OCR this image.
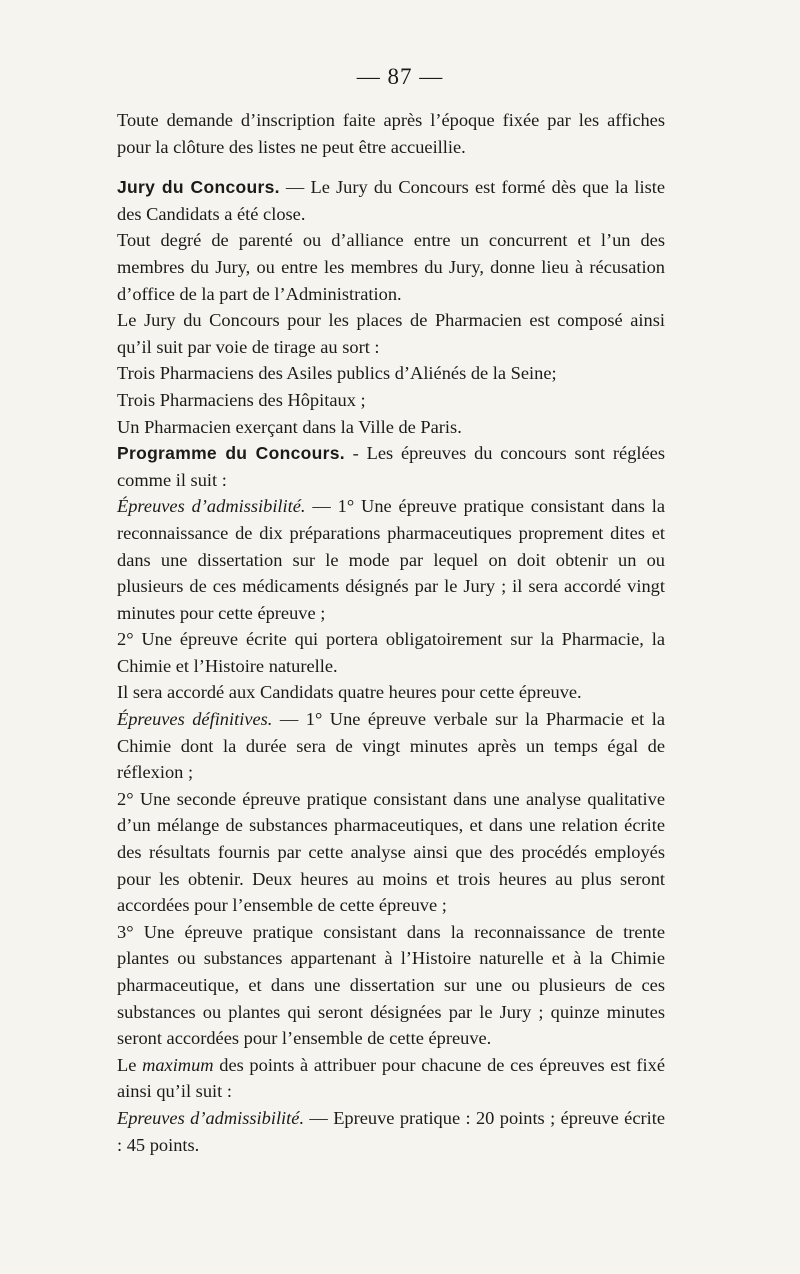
— 87 —

Toute demande d’inscription faite après l’époque fixée par les affiches pour la clôture des listes ne peut être accueillie.

Jury du Concours. — Le Jury du Concours est formé dès que la liste des Candidats a été close.

Tout degré de parenté ou d’alliance entre un concurrent et l’un des membres du Jury, ou entre les membres du Jury, donne lieu à récusation d’office de la part de l’Administration.

Le Jury du Concours pour les places de Pharmacien est composé ainsi qu’il suit par voie de tirage au sort :

Trois Pharmaciens des Asiles publics d’Aliénés de la Seine;

Trois Pharmaciens des Hôpitaux ;

Un Pharmacien exerçant dans la Ville de Paris.

Programme du Concours. - Les épreuves du concours sont réglées comme il suit :

Épreuves d’admissibilité. — 1° Une épreuve pratique consistant dans la reconnaissance de dix préparations pharmaceutiques proprement dites et dans une dissertation sur le mode par lequel on doit obtenir un ou plusieurs de ces médicaments désignés par le Jury ; il sera accordé vingt minutes pour cette épreuve ;

2° Une épreuve écrite qui portera obligatoirement sur la Pharmacie, la Chimie et l’Histoire naturelle.

Il sera accordé aux Candidats quatre heures pour cette épreuve.

Épreuves définitives. — 1° Une épreuve verbale sur la Pharmacie et la Chimie dont la durée sera de vingt minutes après un temps égal de réflexion ;

2° Une seconde épreuve pratique consistant dans une analyse qualitative d’un mélange de substances pharmaceutiques, et dans une relation écrite des résultats fournis par cette analyse ainsi que des procédés employés pour les obtenir. Deux heures au moins et trois heures au plus seront accordées pour l’ensemble de cette épreuve ;

3° Une épreuve pratique consistant dans la reconnaissance de trente plantes ou substances appartenant à l’Histoire naturelle et à la Chimie pharmaceutique, et dans une dissertation sur une ou plusieurs de ces substances ou plantes qui seront désignées par le Jury ; quinze minutes seront accordées pour l’ensemble de cette épreuve.

Le maximum des points à attribuer pour chacune de ces épreuves est fixé ainsi qu’il suit :

Epreuves d’admissibilité. — Epreuve pratique : 20 points ; épreuve écrite : 45 points.
